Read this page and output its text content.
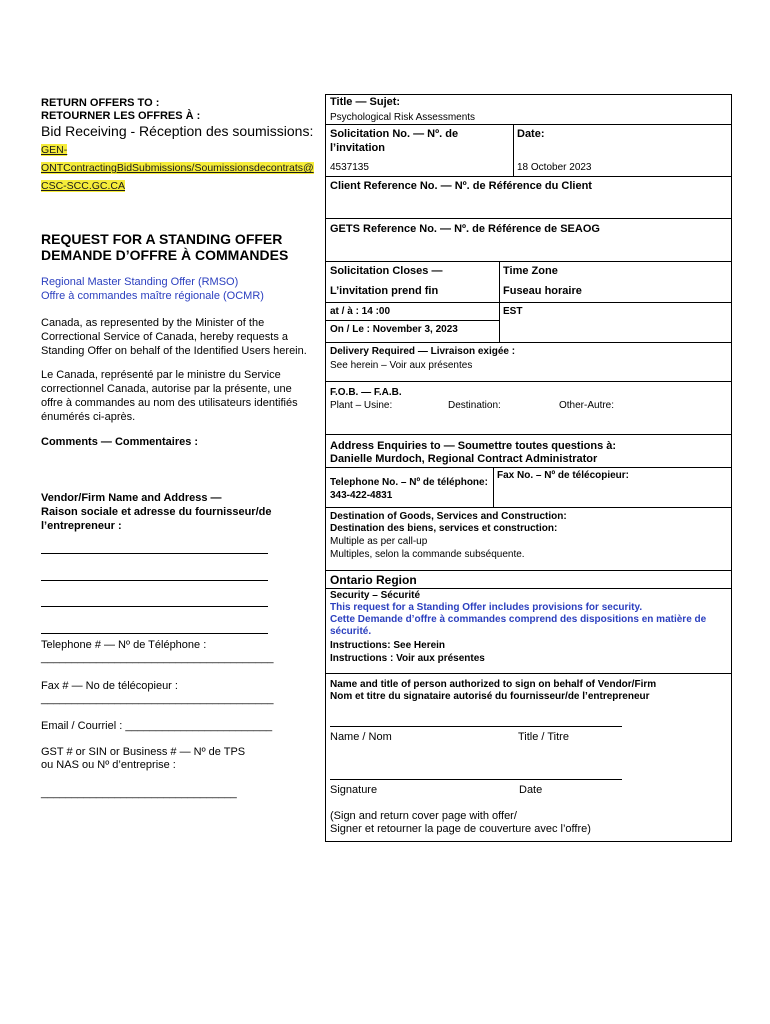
RETURN OFFERS TO :
RETOURNER LES OFFRES À :
Bid Receiving - Réception des soumissions:
GEN-
ONTContractingBidSubmissions/Soumissionsdecontrats@
CSC-SCC.GC.CA
REQUEST FOR A STANDING OFFER
DEMANDE D’OFFRE À COMMANDES
Regional Master Standing Offer (RMSO)
Offre à commandes maître régionale (OCMR)
Canada, as represented by the Minister of the Correctional Service of Canada, hereby requests a Standing Offer on behalf of the Identified Users herein.
Le Canada, représenté par le ministre du Service correctionnel Canada, autorise par la présente, une offre à commandes au nom des utilisateurs identifiés énumérés ci-après.
Comments — Commentaires :
Vendor/Firm Name and Address —
Raison sociale et adresse du fournisseur/de
l’entrepreneur :
Telephone # — Nº de Téléphone :
______________________________________
Fax # — No de télécopieur :
______________________________________
Email / Courriel : ________________________
GST # or SIN or Business # — Nº de TPS
ou NAS ou Nº d’entreprise :
________________________________
Title — Sujet:
Psychological Risk Assessments
Solicitation No. — Nº. de
l’invitation
4537135
Date:
18 October 2023
Client Reference No. — Nº. de Référence du Client
GETS Reference No. — Nº. de Référence de SEAOG
Solicitation Closes —
L’invitation prend fin
at / à : 14 :00
On / Le : November 3, 2023
Time Zone
Fuseau horaire
EST
Delivery Required — Livraison exigée :
See herein – Voir aux présentes
F.O.B. — F.A.B.
Plant – Usine:	Destination:	Other-Autre:
Address Enquiries to — Soumettre toutes questions à:
Danielle Murdoch, Regional Contract Administrator
Telephone No. – Nº de téléphone:
343-422-4831
Fax No. – Nº de télécopieur:
Destination of Goods, Services and Construction:
Destination des biens, services et construction:
Multiple as per call-up
Multiples, selon la commande subséquente.
Ontario Region
Security – Sécurité
This request for a Standing Offer includes provisions for security.
Cette Demande d’offre à commandes comprend des dispositions en matière de sécurité.
Instructions: See Herein
Instructions : Voir aux présentes
Name and title of person authorized to sign on behalf of Vendor/Firm
Nom et titre du signataire autorisé du fournisseur/de l’entrepreneur
Name / Nom	Title / Titre
Signature	Date
(Sign and return cover page with offer/
Signer et retourner la page de couverture avec l’offre)
